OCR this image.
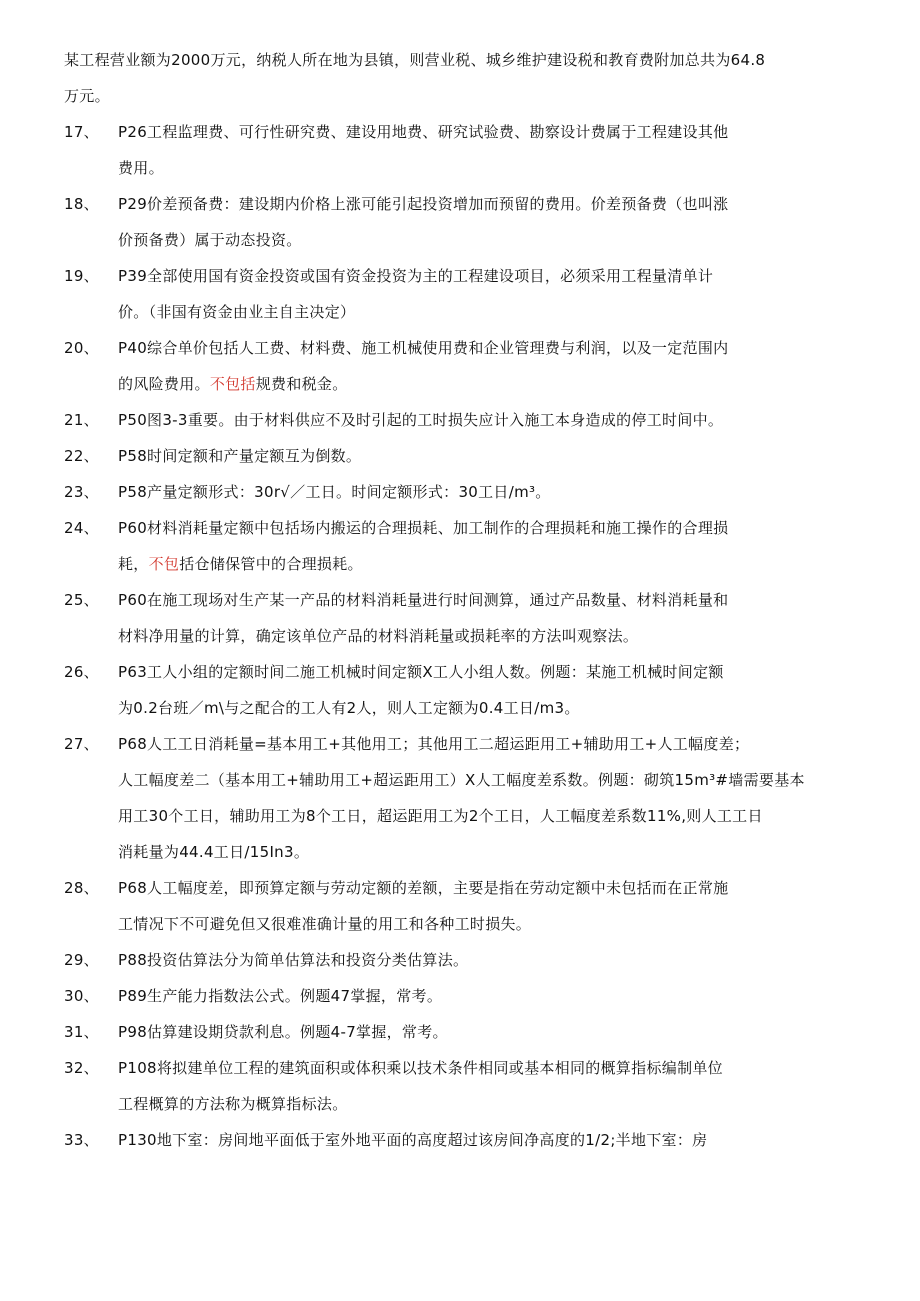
某工程营业额为2000万元，纳税人所在地为县镇，则营业税、城乡维护建设税和教育费附加总共为64.8
万元。
17、 P26工程监理费、可行性研究费、建设用地费、研究试验费、勘察设计费属于工程建设其他
费用。
18、 P29价差预备费：建设期内价格上涨可能引起投资增加而预留的费用。价差预备费（也叫涨
价预备费）属于动态投资。
19、 P39全部使用国有资金投资或国有资金投资为主的工程建设项目，必须采用工程量清单计
价。（非国有资金由业主自主决定）
20、 P40综合单价包括人工费、材料费、施工机械使用费和企业管理费与利润，以及一定范围内
的风险费用。不包括规费和税金。
21、 P50图3-3重要。由于材料供应不及时引起的工时损失应计入施工本身造成的停工时间中。
22、 P58时间定额和产量定额互为倒数。
23、 P58产量定额形式：30r√／工日。时间定额形式：30工日/m³。
24、 P60材料消耗量定额中包括场内搬运的合理损耗、加工制作的合理损耗和施工操作的合理损
耗，不包括仓储保管中的合理损耗。
25、 P60在施工现场对生产某一产品的材料消耗量进行时间测算，通过产品数量、材料消耗量和
材料净用量的计算，确定该单位产品的材料消耗量或损耗率的方法叫观察法。
26、 P63工人小组的定额时间二施工机械时间定额X工人小组人数。例题：某施工机械时间定额
为0.2台班／m\与之配合的工人有2人，则人工定额为0.4工日/m3。
27、 P68人工工日消耗量=基本用工+其他用工；其他用工二超运距用工+辅助用工+人工幅度差；
人工幅度差二（基本用工+辅助用工+超运距用工）X人工幅度差系数。例题：砌筑15m³#墙需要基本
用工30个工日，辅助用工为8个工日，超运距用工为2个工日，人工幅度差系数11%,则人工工日
消耗量为44.4工日/15In3。
28、 P68人工幅度差，即预算定额与劳动定额的差额，主要是指在劳动定额中未包括而在正常施
工情况下不可避免但又很难准确计量的用工和各种工时损失。
29、 P88投资估算法分为简单估算法和投资分类估算法。
30、 P89生产能力指数法公式。例题47掌握，常考。
31、 P98估算建设期贷款利息。例题4-7掌握，常考。
32、 P108将拟建单位工程的建筑面积或体积乘以技术条件相同或基本相同的概算指标编制单位
工程概算的方法称为概算指标法。
33、 P130地下室：房间地平面低于室外地平面的高度超过该房间净高度的1/2;半地下室：房
